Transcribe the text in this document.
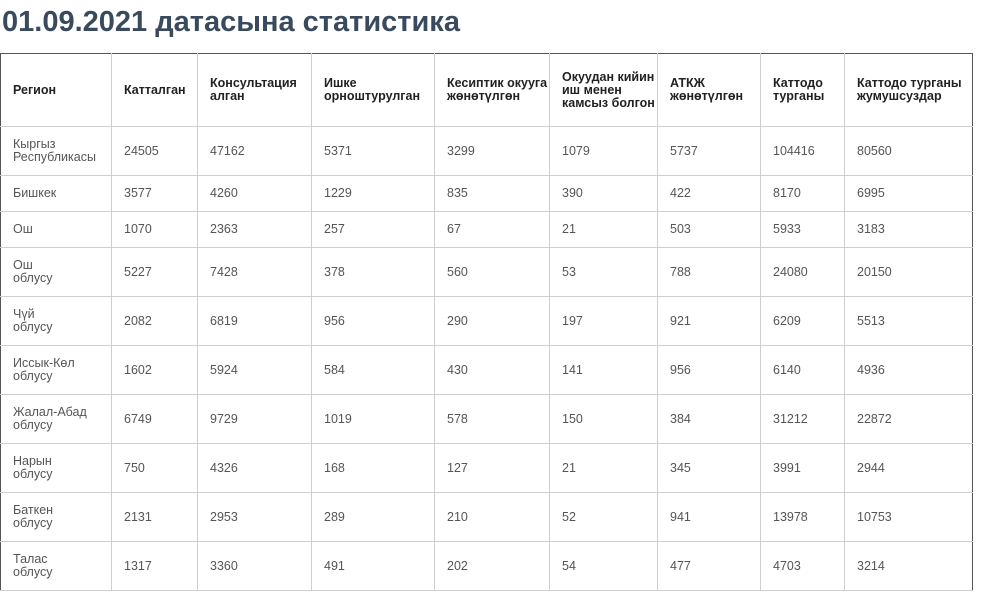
01.09.2021 датасына статистика
Регион	Катталган	Консультация алган	Ишке орноштурулган	Кесиптик окууга жөнөтүлгөн	Окуудан кийин иш менен камсыз болгон	АТКЖ жөнөтүлгөн	Каттодо турганы	Каттодо турганы жумушсуздар

Кыргыз
Республикасы	24505	47162	5371	3299	1079	5737	104416	80560

Бишкек	3577	4260	1229	835	390	422	8170	6995

Ош	1070	2363	257	67	21	503	5933	3183

Ош
облусу	5227	7428	378	560	53	788	24080	20150

Чүй
облусу	2082	6819	956	290	197	921	6209	5513

Иссык-Көл
облусу	1602	5924	584	430	141	956	6140	4936

Жалал-Абад
облусу	6749	9729	1019	578	150	384	31212	22872

Нарын
облусу	750	4326	168	127	21	345	3991	2944

Баткен
облусу	2131	2953	289	210	52	941	13978	10753

Талас
облусу	1317	3360	491	202	54	477	4703	3214
